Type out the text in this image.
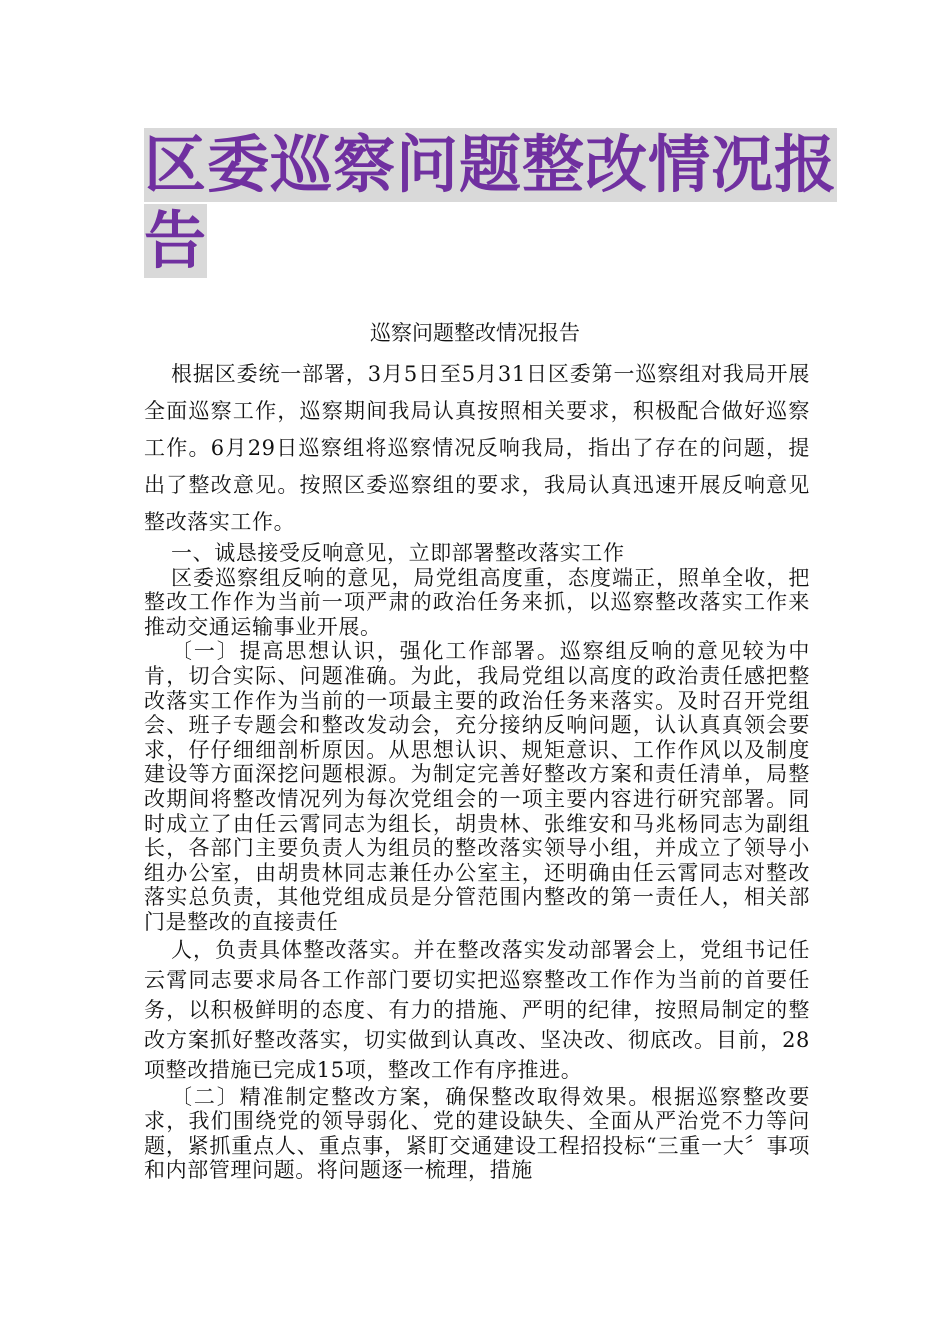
区委巡察问题整改情况报
告
巡察问题整改情况报告

根据区委统一部署，3月5日至5月31日区委第一巡察组对我局开展全面巡察工作，巡察期间我局认真按照相关要求，积极配合做好巡察工作。6月29日巡察组将巡察情况反响我局，指出了存在的问题，提出了整改意见。按照区委巡察组的要求，我局认真迅速开展反响意见整改落实工作。

一、诚恳接受反响意见，立即部署整改落实工作

区委巡察组反响的意见，局党组高度重，态度端正，照单全收，把整改工作作为当前一项严肃的政治任务来抓，以巡察整改落实工作来推动交通运输事业开展。

〔一〕提高思想认识，强化工作部署。巡察组反响的意见较为中肯，切合实际、问题准确。为此，我局党组以高度的政治责任感把整改落实工作作为当前的一项最主要的政治任务来落实。及时召开党组会、班子专题会和整改发动会，充分接纳反响问题，认认真真领会要求，仔仔细细剖析原因。从思想认识、规矩意识、工作作风以及制度建设等方面深挖问题根源。为制定完善好整改方案和责任清单，局整改期间将整改情况列为每次党组会的一项主要内容进行研究部署。同时成立了由任云霄同志为组长，胡贵林、张维安和马兆杨同志为副组长，各部门主要负责人为组员的整改落实领导小组，并成立了领导小组办公室，由胡贵林同志兼任办公室主，还明确由任云霄同志对整改落实总负责，其他党组成员是分管范围内整改的第一责任人，相关部门是整改的直接责任

人，负责具体整改落实。并在整改落实发动部署会上，党组书记任云霄同志要求局各工作部门要切实把巡察整改工作作为当前的首要任务，以积极鲜明的态度、有力的措施、严明的纪律，按照局制定的整改方案抓好整改落实，切实做到认真改、坚决改、彻底改。目前，28项整改措施已完成15项，整改工作有序推进。

〔二〕精准制定整改方案，确保整改取得效果。根据巡察整改要求，我们围绕党的领导弱化、党的建设缺失、全面从严治党不力等问题，紧抓重点人、重点事，紧盯交通建设工程招投标“三重一大〞事项和内部管理问题。将问题逐一梳理，措施
